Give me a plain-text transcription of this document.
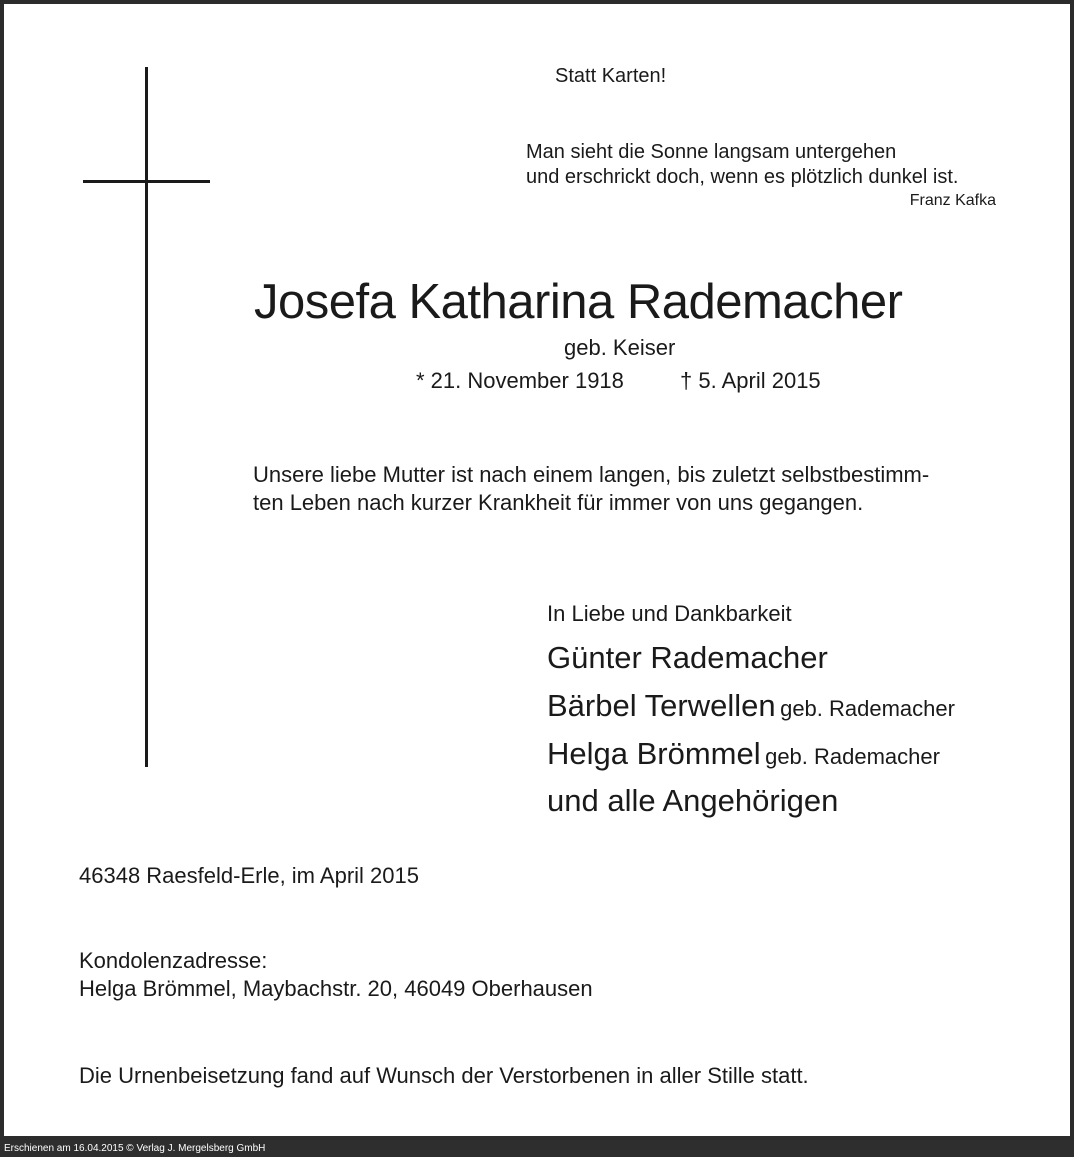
Statt Karten!
Man sieht die Sonne langsam untergehen
und erschrickt doch, wenn es plötzlich dunkel ist.
Franz Kafka
Josefa Katharina Rademacher
geb. Keiser
* 21. November 1918	† 5. April 2015
Unsere liebe Mutter ist nach einem langen, bis zuletzt selbstbestimm-
ten Leben nach kurzer Krankheit für immer von uns gegangen.
In Liebe und Dankbarkeit
Günter Rademacher
Bärbel Terwellen geb. Rademacher
Helga Brömmel geb. Rademacher
und alle Angehörigen
46348 Raesfeld-Erle, im April 2015
Kondolenzadresse:
Helga Brömmel, Maybachstr. 20, 46049 Oberhausen
Die Urnenbeisetzung fand auf Wunsch der Verstorbenen in aller Stille statt.
Erschienen am 16.04.2015 © Verlag J. Mergelsberg GmbH
